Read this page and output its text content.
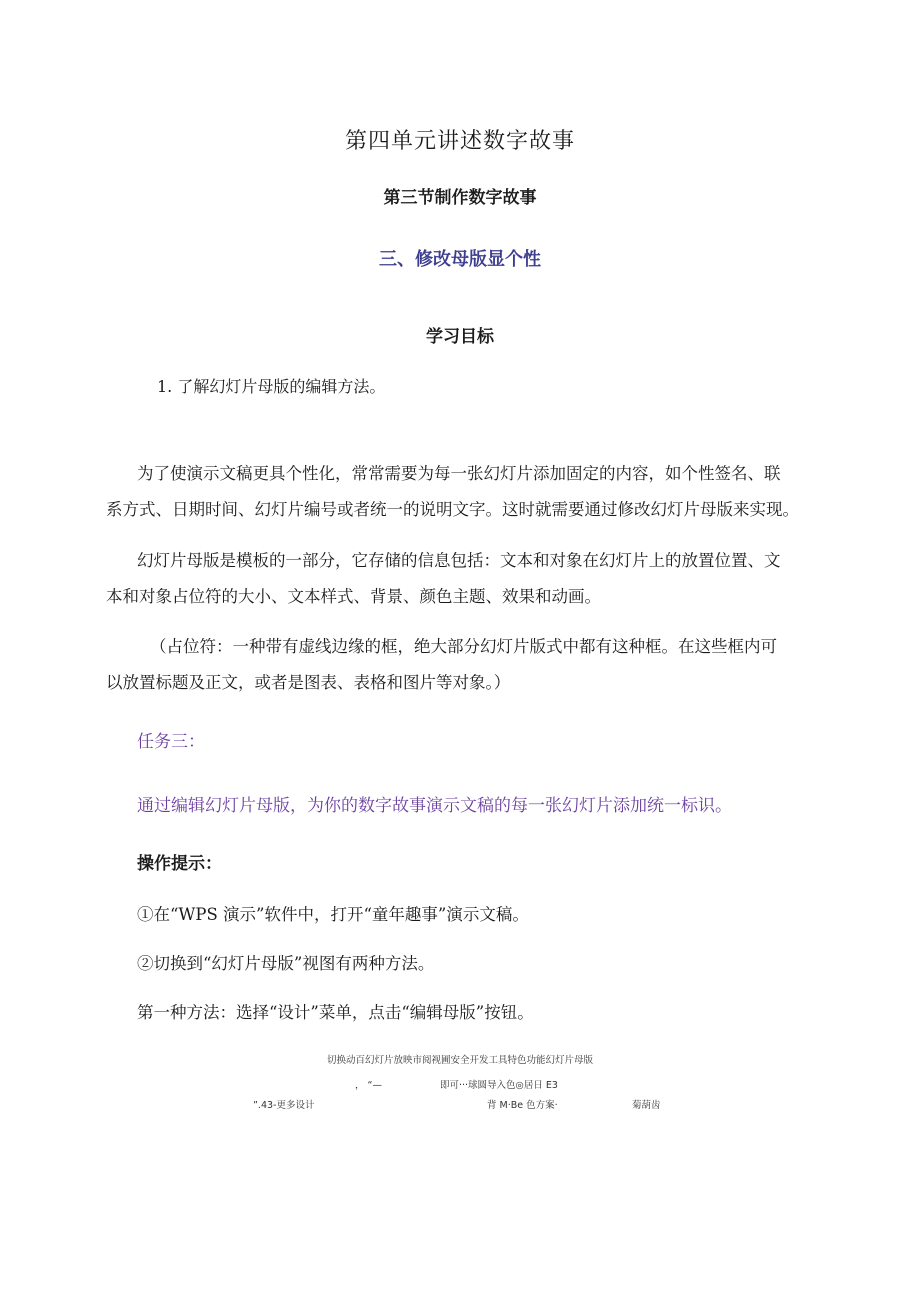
第四单元讲述数字故事
第三节制作数字故事
三、修改母版显个性
学习目标
1. 了解幻灯片母版的编辑方法。
为了使演示文稿更具个性化，常常需要为每一张幻灯片添加固定的内容，如个性签名、联
系方式、日期时间、幻灯片编号或者统一的说明文字。这时就需要通过修改幻灯片母版来实现。
幻灯片母版是模板的一部分，它存储的信息包括：文本和对象在幻灯片上的放置位置、文
本和对象占位符的大小、文本样式、背景、颜色主题、效果和动画。
（占位符：一种带有虚线边缘的框，绝大部分幻灯片版式中都有这种框。在这些框内可
以放置标题及正文，或者是图表、表格和图片等对象。）
任务三：
通过编辑幻灯片母版，为你的数字故事演示文稿的每一张幻灯片添加统一标识。
操作提示：
①在“WPS 演示”软件中，打开“童年趣事”演示文稿。
②切换到“幻灯片母版”视图有两种方法。
第一种方法：选择“设计”菜单，点击“编辑母版”按钮。
切换动百幻灯片放映市阅视圃安全开发工具特色功能幻灯片母版
， “—	即可···球圆导入色◎居日 E3
”.43-更多设计	背 M·Be 色方案·	菊葫齿
